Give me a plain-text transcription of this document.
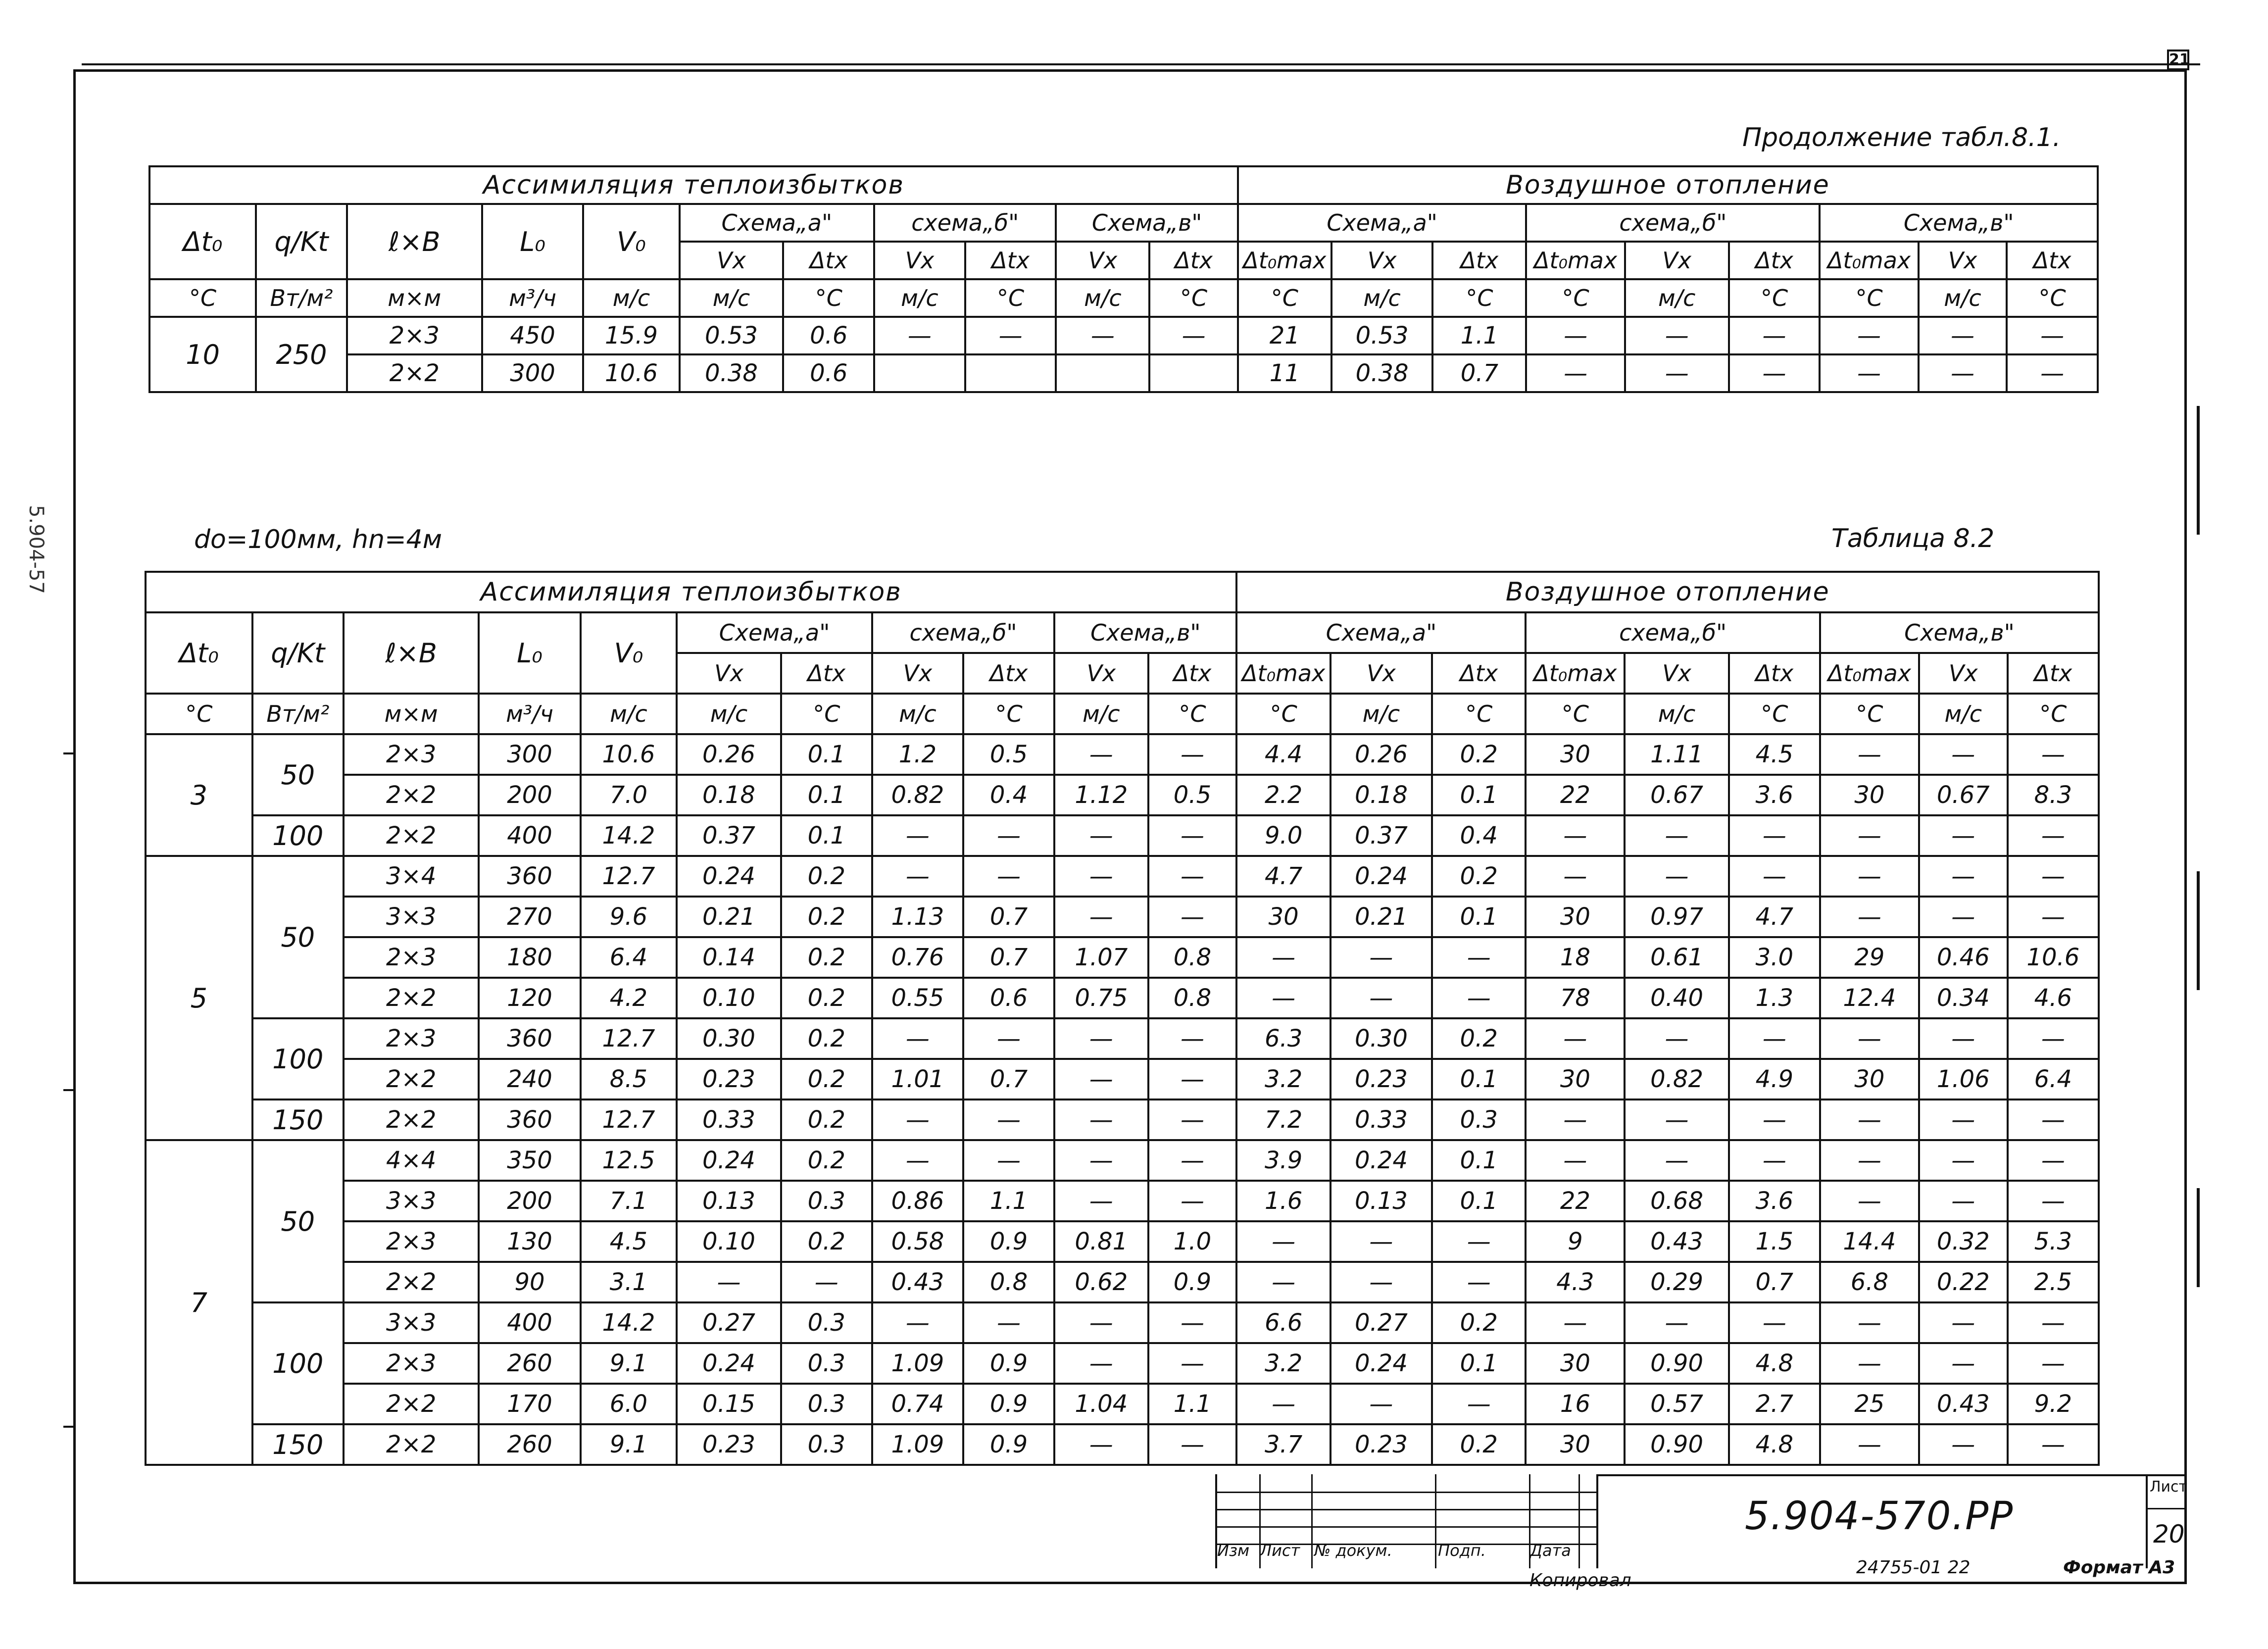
21
5.904-57
Продолжение табл.8.1.
do=100мм, hn=4м	Таблица 8.2
Ассимиляция теплоизбытков											Воздушное отопление								
Δt₀	q/Kt	ℓ×B	L₀	V₀	Схема„а"		схема„б"		Схема„в"		Схема„а"			схема„б"			Схема„в"		
					Vx	Δtx	Vx	Δtx	Vx	Δtx	Δt₀max	Vx	Δtx	Δt₀max	Vx	Δtx	Δt₀max	Vx	Δtx
°С	Вт/м²	м×м	м³/ч	м/с	м/с	°С	м/с	°С	м/с	°С	°С	м/с	°С	°С	м/с	°С	°С	м/с	°С
10	250	2×3	450	15.9	0.53	0.6	—	—	—	—	21	0.53	1.1	—	—	—	—	—	—
		2×2	300	10.6	0.38	0.6					11	0.38	0.7	—	—	—	—	—	—
Ассимиляция теплоизбытков											Воздушное отопление								
Δt₀	q/Kt	ℓ×B	L₀	V₀	Схема„а"		схема„б"		Схема„в"		Схема„а"			схема„б"			Схема„в"		
					Vx	Δtx	Vx	Δtx	Vx	Δtx	Δt₀max	Vx	Δtx	Δt₀max	Vx	Δtx	Δt₀max	Vx	Δtx
°С	Вт/м²	м×м	м³/ч	м/с	м/с	°С	м/с	°С	м/с	°С	°С	м/с	°С	°С	м/с	°С	°С	м/с	°С
3	50	2×3	300	10.6	0.26	0.1	1.2	0.5	—	—	4.4	0.26	0.2	30	1.11	4.5	—	—	—
		2×2	200	7.0	0.18	0.1	0.82	0.4	1.12	0.5	2.2	0.18	0.1	22	0.67	3.6	30	0.67	8.3
	100	2×2	400	14.2	0.37	0.1	—	—	—	—	9.0	0.37	0.4	—	—	—	—	—	—
5	50	3×4	360	12.7	0.24	0.2	—	—	—	—	4.7	0.24	0.2	—	—	—	—	—	—
		3×3	270	9.6	0.21	0.2	1.13	0.7	—	—	30	0.21	0.1	30	0.97	4.7	—	—	—
		2×3	180	6.4	0.14	0.2	0.76	0.7	1.07	0.8	—	—	—	18	0.61	3.0	29	0.46	10.6
		2×2	120	4.2	0.10	0.2	0.55	0.6	0.75	0.8	—	—	—	78	0.40	1.3	12.4	0.34	4.6
	100	2×3	360	12.7	0.30	0.2	—	—	—	—	6.3	0.30	0.2	—	—	—	—	—	—
		2×2	240	8.5	0.23	0.2	1.01	0.7	—	—	3.2	0.23	0.1	30	0.82	4.9	30	1.06	6.4
	150	2×2	360	12.7	0.33	0.2	—	—	—	—	7.2	0.33	0.3	—	—	—	—	—	—
7	50	4×4	350	12.5	0.24	0.2	—	—	—	—	3.9	0.24	0.1	—	—	—	—	—	—
		3×3	200	7.1	0.13	0.3	0.86	1.1	—	—	1.6	0.13	0.1	22	0.68	3.6	—	—	—
		2×3	130	4.5	0.10	0.2	0.58	0.9	0.81	1.0	—	—	—	9	0.43	1.5	14.4	0.32	5.3
		2×2	90	3.1	—	—	0.43	0.8	0.62	0.9	—	—	—	4.3	0.29	0.7	6.8	0.22	2.5
	100	3×3	400	14.2	0.27	0.3	—	—	—	—	6.6	0.27	0.2	—	—	—	—	—	—
		2×3	260	9.1	0.24	0.3	1.09	0.9	—	—	3.2	0.24	0.1	30	0.90	4.8	—	—	—
		2×2	170	6.0	0.15	0.3	0.74	0.9	1.04	1.1	—	—	—	16	0.57	2.7	25	0.43	9.2
	150	2×2	260	9.1	0.23	0.3	1.09	0.9	—	—	3.7	0.23	0.2	30	0.90	4.8	—	—	—
Изм Лист № докум.	Подп.	Дата
5.904-570.РР
Лист
20
Копировал
24755-01 22	Формат А3
